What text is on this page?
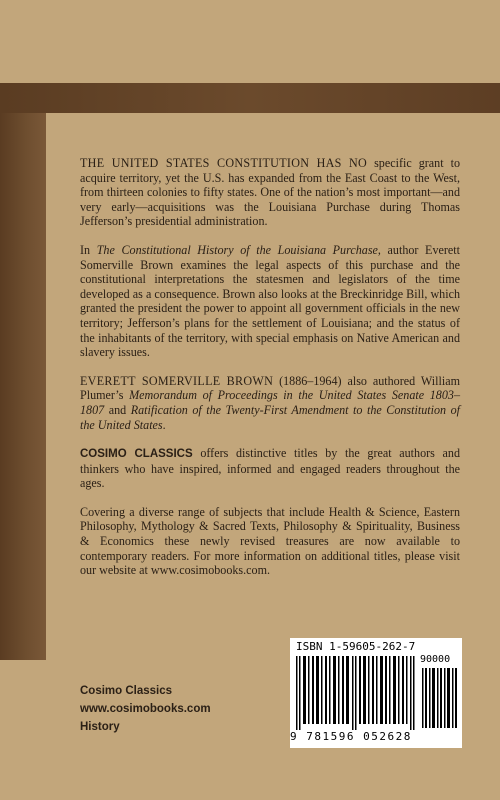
THE UNITED STATES CONSTITUTION HAS NO specific grant to acquire territory, yet the U.S. has expanded from the East Coast to the West, from thirteen colonies to fifty states. One of the nation’s most important—and very early—acquisitions was the Louisiana Purchase during Thomas Jefferson’s presidential administration.

In The Constitutional History of the Louisiana Purchase, author Everett Somerville Brown examines the legal aspects of this purchase and the constitutional interpretations the statesmen and legislators of the time developed as a consequence. Brown also looks at the Breckinridge Bill, which granted the president the power to appoint all government officials in the new territory; Jefferson’s plans for the settlement of Louisiana; and the status of the inhabitants of the territory, with special emphasis on Native American and slavery issues.

EVERETT SOMERVILLE BROWN (1886–1964) also authored William Plumer’s Memorandum of Proceedings in the United States Senate 1803–1807 and Ratification of the Twenty-First Amendment to the Constitution of the United States.

COSIMO CLASSICS offers distinctive titles by the great authors and thinkers who have inspired, informed and engaged readers throughout the ages.

Covering a diverse range of subjects that include Health & Science, Eastern Philosophy, Mythology & Sacred Texts, Philosophy & Spirituality, Business & Economics these newly revised treasures are now available to contemporary readers. For more information on additional titles, please visit our website at www.cosimobooks.com.

Cosimo Classics
www.cosimobooks.com
History
ISBN 1-59605-262-7
90000
9 781596 052628
